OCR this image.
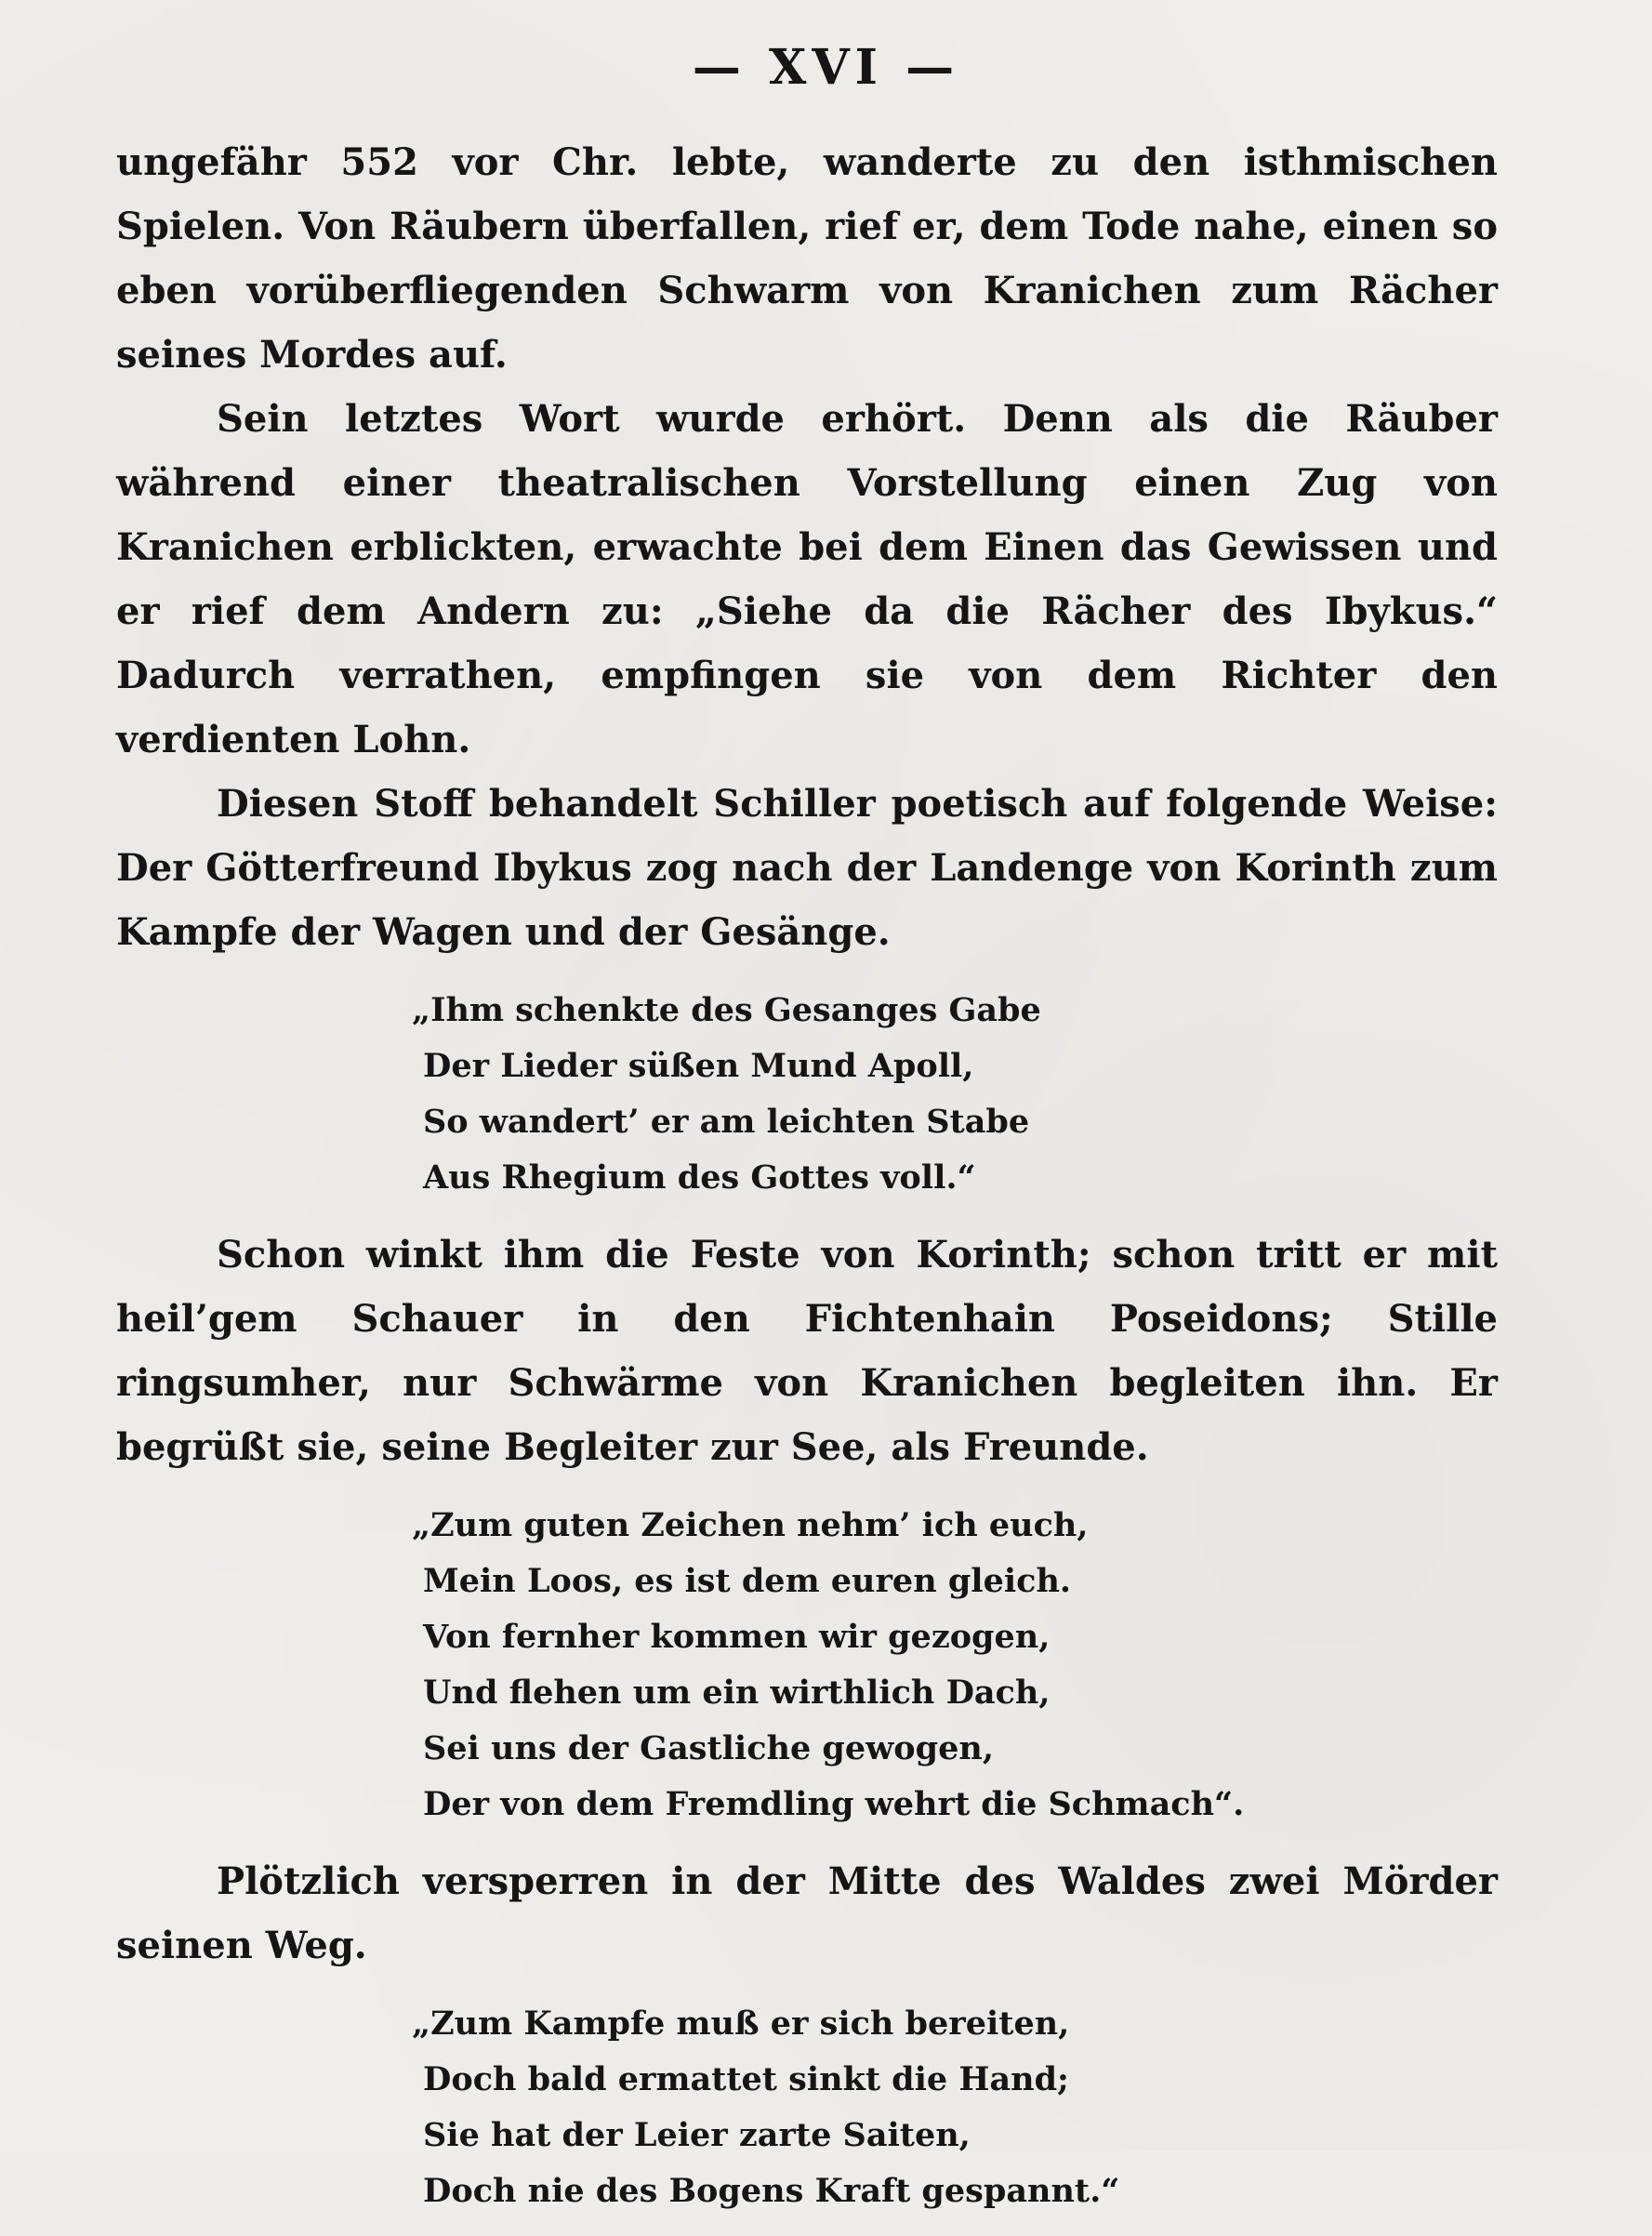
— XVI —

ungefähr 552 vor Chr. lebte, wanderte zu den isthmischen Spielen. Von Räubern überfallen, rief er, dem Tode nahe, einen so eben vorüberfliegenden Schwarm von Kranichen zum Rächer seines Mordes auf.

Sein letztes Wort wurde erhört. Denn als die Räuber während einer theatralischen Vorstellung einen Zug von Kranichen erblickten, erwachte bei dem Einen das Gewissen und er rief dem Andern zu: „Siehe da die Rächer des Ibykus.“ Dadurch verrathen, empfingen sie von dem Richter den verdienten Lohn.

Diesen Stoff behandelt Schiller poetisch auf folgende Weise: Der Götterfreund Ibykus zog nach der Landenge von Korinth zum Kampfe der Wagen und der Gesänge.

„Ihm schenkte des Gesanges Gabe
Der Lieder süßen Mund Apoll,
So wandert’ er am leichten Stabe
Aus Rhegium des Gottes voll.“

Schon winkt ihm die Feste von Korinth; schon tritt er mit heil’gem Schauer in den Fichtenhain Poseidons; Stille ringsumher, nur Schwärme von Kranichen begleiten ihn. Er begrüßt sie, seine Begleiter zur See, als Freunde.

„Zum guten Zeichen nehm’ ich euch,
Mein Loos, es ist dem euren gleich.
Von fernher kommen wir gezogen,
Und flehen um ein wirthlich Dach,
Sei uns der Gastliche gewogen,
Der von dem Fremdling wehrt die Schmach“.

Plötzlich versperren in der Mitte des Waldes zwei Mörder seinen Weg.

„Zum Kampfe muß er sich bereiten,
Doch bald ermattet sinkt die Hand;
Sie hat der Leier zarte Saiten,
Doch nie des Bogens Kraft gespannt.“
